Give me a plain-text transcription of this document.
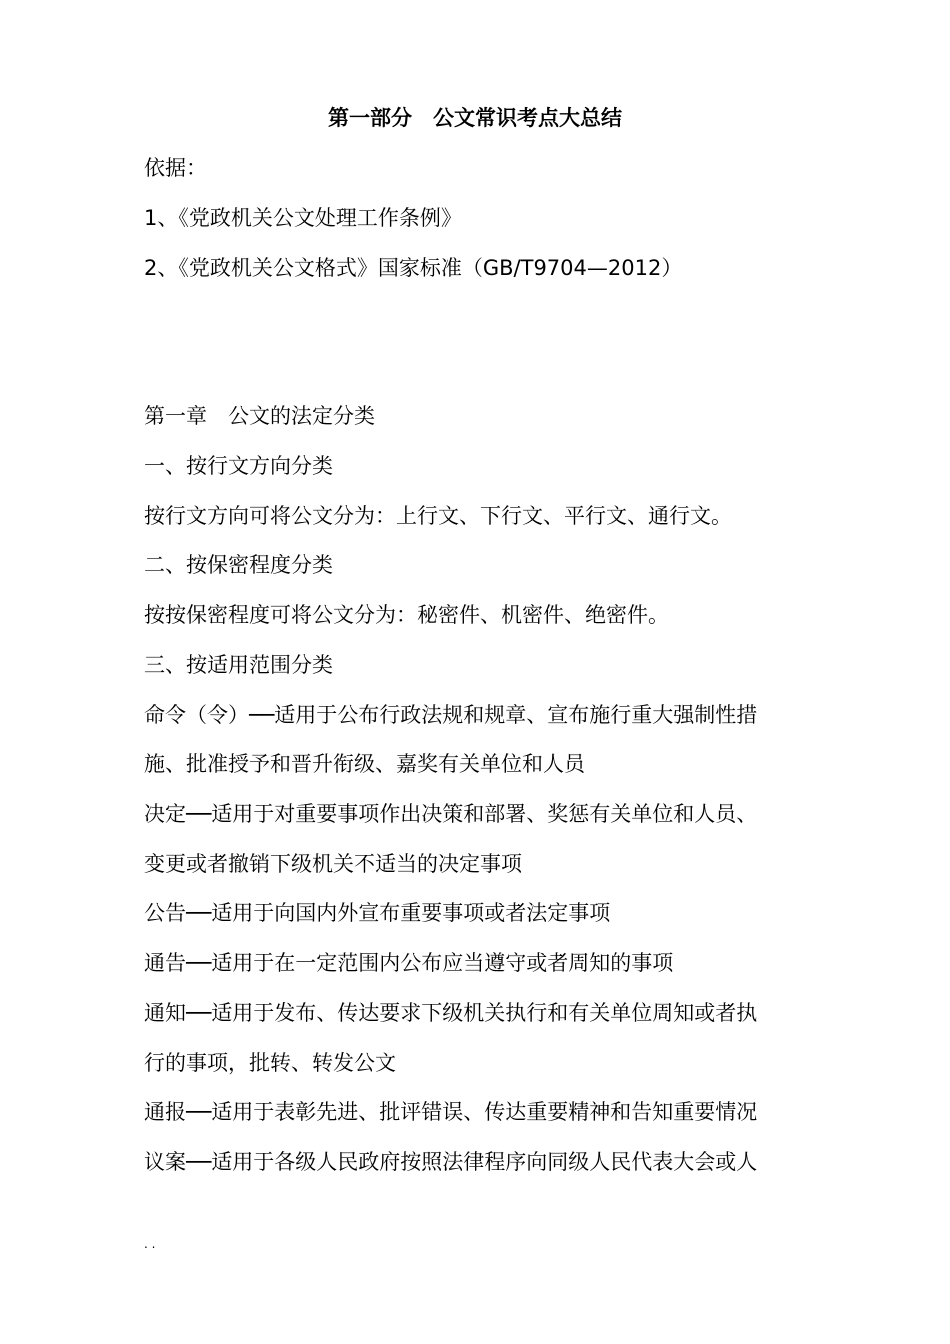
第一部分　公文常识考点大总结
依据：
1、《党政机关公文处理工作条例》
2、《党政机关公文格式》国家标准（GB/T9704—2012）
第一章　公文的法定分类
一、按行文方向分类
按行文方向可将公文分为：上行文、下行文、平行文、通行文。
二、按保密程度分类
按按保密程度可将公文分为：秘密件、机密件、绝密件。
三、按适用范围分类
命令（令）──适用于公布行政法规和规章、宣布施行重大强制性措
施、批准授予和晋升衔级、嘉奖有关单位和人员
决定──适用于对重要事项作出决策和部署、奖惩有关单位和人员、
变更或者撤销下级机关不适当的决定事项
公告──适用于向国内外宣布重要事项或者法定事项
通告──适用于在一定范围内公布应当遵守或者周知的事项
通知──适用于发布、传达要求下级机关执行和有关单位周知或者执
行的事项，批转、转发公文
通报──适用于表彰先进、批评错误、传达重要精神和告知重要情况
议案──适用于各级人民政府按照法律程序向同级人民代表大会或人
. .
